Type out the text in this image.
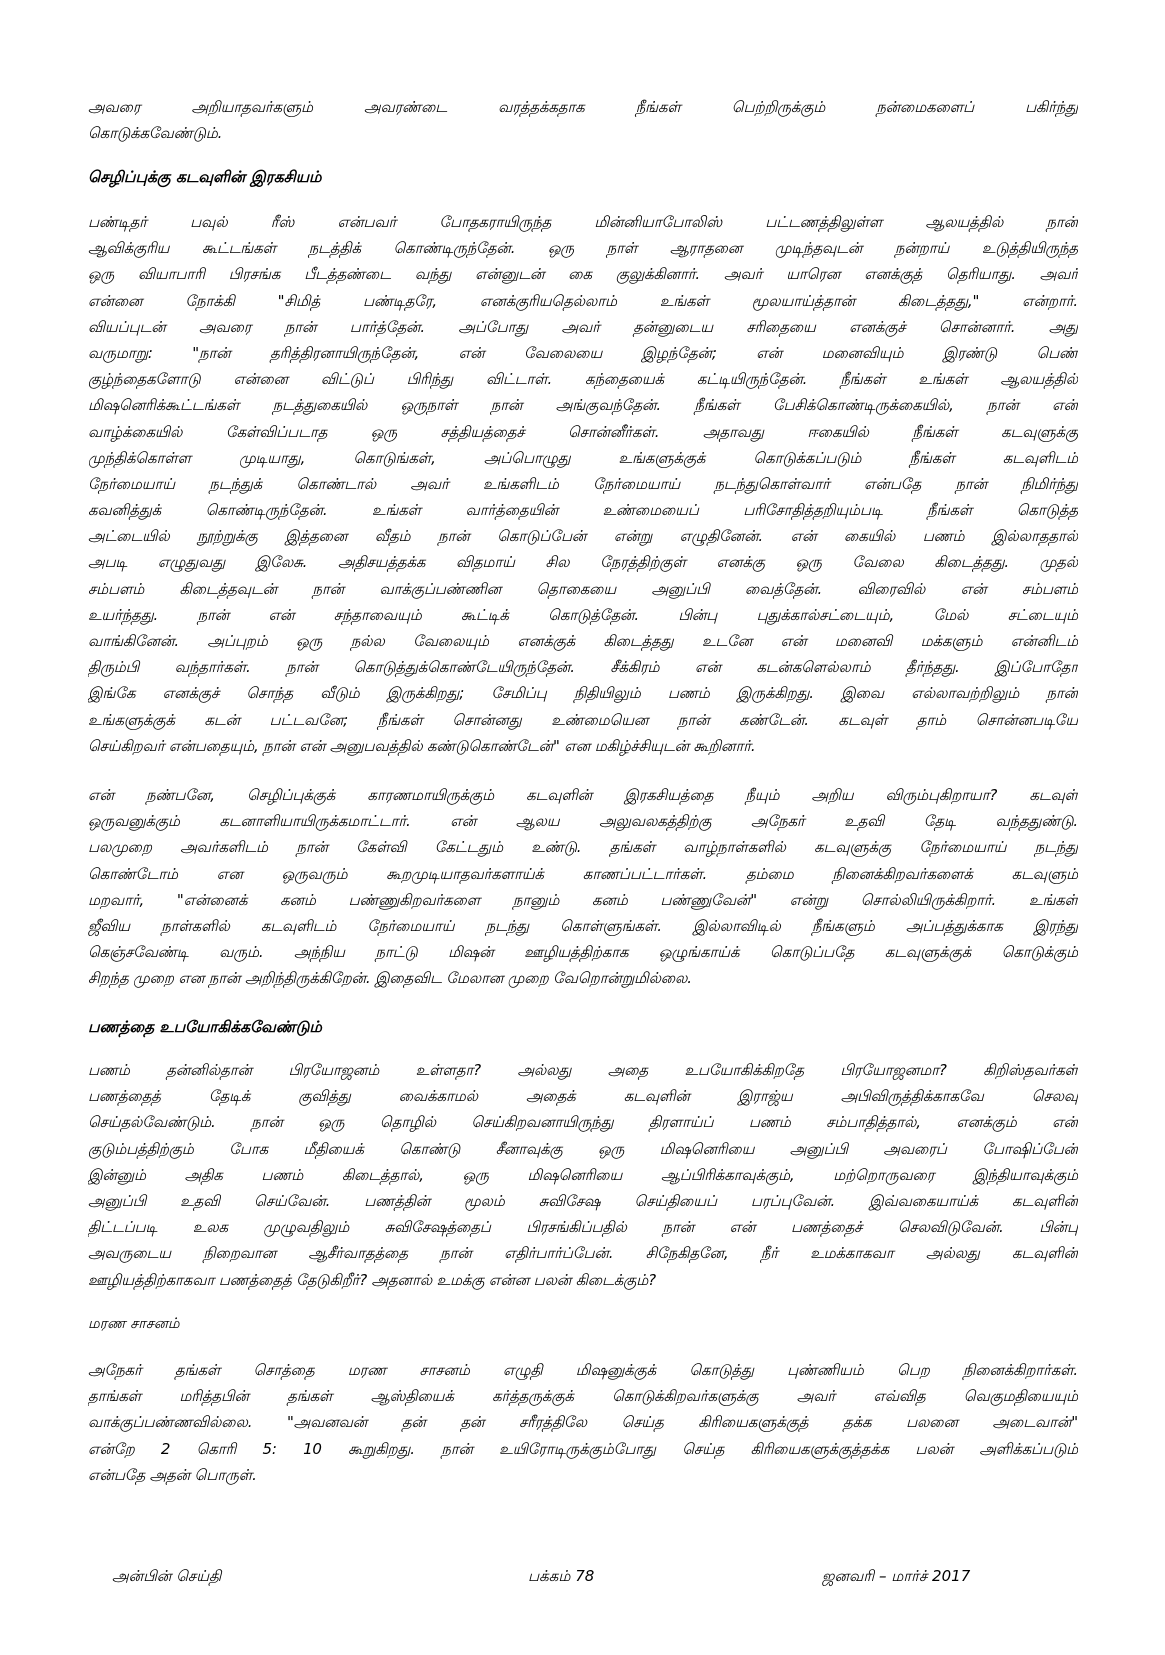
அவரை அறியாதவர்களும் அவரண்டை வரத்தக்கதாக நீங்கள் பெற்றிருக்கும் நன்மைகளைப் பகிர்ந்து
கொடுக்கவேண்டும்.
செழிப்புக்கு கடவுளின் இரகசியம்
பண்டிதர் பவுல் ரீஸ் என்பவர் போதகராயிருந்த மின்னியாபோலிஸ் பட்டணத்திலுள்ள ஆலயத்தில் நான்
ஆவிக்குரிய கூட்டங்கள் நடத்திக் கொண்டிருந்தேன். ஒரு நாள் ஆராதனை முடிந்தவுடன் நன்றாய் உடுத்தியிருந்த
ஒரு வியாபாரி பிரசங்க பீடத்தண்டை வந்து என்னுடன் கை குலுக்கினார். அவர் யாரென எனக்குத் தெரியாது. அவர்
என்னை நோக்கி "சிமித் பண்டிதரே, எனக்குரியதெல்லாம் உங்கள் மூலயாய்த்தான் கிடைத்தது," என்றார்.
வியப்புடன் அவரை நான் பார்த்தேன். அப்போது அவர் தன்னுடைய சரிதையை எனக்குச் சொன்னார். அது
வருமாறு: "நான் தரித்திரனாயிருந்தேன், என் வேலையை இழந்தேன்; என் மனைவியும் இரண்டு பெண்
குழ்ந்தைகளோடு என்னை விட்டுப் பிரிந்து விட்டாள். கந்தையைக் கட்டியிருந்தேன். நீங்கள் உங்கள் ஆலயத்தில்
மிஷனெரிக்கூட்டங்கள் நடத்துகையில் ஒருநாள் நான் அங்குவந்தேன். நீங்கள் பேசிக்கொண்டிருக்கையில், நான் என்
வாழ்க்கையில் கேள்விப்படாத ஒரு சத்தியத்தைச் சொன்னீர்கள். அதாவது ஈகையில் நீங்கள் கடவுளுக்கு
முந்திக்கொள்ள முடியாது, கொடுங்கள், அப்பொழுது உங்களுக்குக் கொடுக்கப்படும் நீங்கள் கடவுளிடம்
நேர்மையாய் நடந்துக் கொண்டால் அவர் உங்களிடம் நேர்மையாய் நடந்துகொள்வார் என்பதே நான் நிமிர்ந்து
கவனித்துக் கொண்டிருந்தேன். உங்கள் வார்த்தையின் உண்மையைப் பரிசோதித்தறியும்படி நீங்கள் கொடுத்த
அட்டையில் நூற்றுக்கு இத்தனை வீதம் நான் கொடுப்பேன் என்று எழுதினேன். என் கையில் பணம் இல்லாததால்
அபடி எழுதுவது இலேசு. அதிசயத்தக்க விதமாய் சில நேரத்திற்குள் எனக்கு ஒரு வேலை கிடைத்தது. முதல்
சம்பளம் கிடைத்தவுடன் நான் வாக்குப்பண்ணின தொகையை அனுப்பி வைத்தேன். விரைவில் என் சம்பளம்
உயர்ந்தது. நான் என் சந்தாவையும் கூட்டிக் கொடுத்தேன். பின்பு புதுக்கால்சட்டையும், மேல் சட்டையும்
வாங்கினேன். அப்புறம் ஒரு நல்ல வேலையும் எனக்குக் கிடைத்தது உடனே என் மனைவி மக்களும் என்னிடம்
திரும்பி வந்தார்கள். நான் கொடுத்துக்கொண்டேயிருந்தேன். சீக்கிரம் என் கடன்களெல்லாம் தீர்ந்தது. இப்போதோ
இங்கே எனக்குச் சொந்த வீடும் இருக்கிறது; சேமிப்பு நிதியிலும் பணம் இருக்கிறது. இவை எல்லாவற்றிலும் நான்
உங்களுக்குக் கடன் பட்டவனே; நீங்கள் சொன்னது உண்மையென நான் கண்டேன். கடவுள் தாம் சொன்னபடியே
செய்கிறவர் என்பதையும், நான் என் அனுபவத்தில் கண்டுகொண்டேன்" என மகிழ்ச்சியுடன் கூறினார்.
என் நண்பனே, செழிப்புக்குக் காரணமாயிருக்கும் கடவுளின் இரகசியத்தை நீயும் அறிய விரும்புகிறாயா? கடவுள்
ஒருவனுக்கும் கடனாளியாயிருக்கமாட்டார். என் ஆலய அலுவலகத்திற்கு அநேகர் உதவி தேடி வந்ததுண்டு.
பலமுறை அவர்களிடம் நான் கேள்வி கேட்டதும் உண்டு. தங்கள் வாழ்நாள்களில் கடவுளுக்கு நேர்மையாய் நடந்து
கொண்டோம் என ஒருவரும் கூறமுடியாதவர்களாய்க் காணப்பட்டார்கள். தம்மை நினைக்கிறவர்களைக் கடவுளும்
மறவார், "என்னைக் கனம் பண்ணுகிறவர்களை நானும் கனம் பண்ணுவேன்" என்று சொல்லியிருக்கிறார். உங்கள்
ஜீவிய நாள்களில் கடவுளிடம் நேர்மையாய் நடந்து கொள்ளுங்கள். இல்லாவிடில் நீங்களும் அப்பத்துக்காக இரந்து
கெஞ்சவேண்டி வரும். அந்நிய நாட்டு மிஷன் ஊழியத்திற்காக ஒழுங்காய்க் கொடுப்பதே கடவுளுக்குக் கொடுக்கும்
சிறந்த முறை என நான் அறிந்திருக்கிறேன். இதைவிட மேலான முறை வேறொன்றுமில்லை.
பணத்தை உபயோகிக்கவேண்டும்
பணம் தன்னில்தான் பிரயோஜனம் உள்ளதா? அல்லது அதை உபயோகிக்கிறதே பிரயோஜனமா? கிறிஸ்தவர்கள்
பணத்தைத் தேடிக் குவித்து வைக்காமல் அதைக் கடவுளின் இராஜ்ய அபிவிருத்திக்காகவே செலவு
செய்தல்வேண்டும். நான் ஒரு தொழில் செய்கிறவனாயிருந்து திரளாய்ப் பணம் சம்பாதித்தால், எனக்கும் என்
குடும்பத்திற்கும் போக மீதியைக் கொண்டு சீனாவுக்கு ஒரு மிஷனெரியை அனுப்பி அவரைப் போஷிப்பேன்
இன்னும் அதிக பணம் கிடைத்தால், ஒரு மிஷனெரியை ஆப்பிரிக்காவுக்கும், மற்றொருவரை இந்தியாவுக்கும்
அனுப்பி உதவி செய்வேன். பணத்தின் மூலம் சுவிசேஷ செய்தியைப் பரப்புவேன். இவ்வகையாய்க் கடவுளின்
திட்டப்படி உலக முழுவதிலும் சுவிசேஷத்தைப் பிரசங்கிப்பதில் நான் என் பணத்தைச் செலவிடுவேன். பின்பு
அவருடைய நிறைவான ஆசீர்வாதத்தை நான் எதிர்பார்ப்பேன். சிநேகிதனே, நீர் உமக்காகவா அல்லது கடவுளின்
ஊழியத்திற்காகவா பணத்தைத் தேடுகிறீர்? அதனால் உமக்கு என்ன பலன் கிடைக்கும்?
மரண சாசனம்
அநேகர் தங்கள் சொத்தை மரண சாசனம் எழுதி மிஷனுக்குக் கொடுத்து புண்ணியம் பெற நினைக்கிறார்கள்.
தாங்கள் மரித்தபின் தங்கள் ஆஸ்தியைக் கர்த்தருக்குக் கொடுக்கிறவர்களுக்கு அவர் எவ்வித வெகுமதியையும்
வாக்குப்பண்ணவில்லை. "அவனவன் தன் தன் சரீரத்திலே செய்த கிரியைகளுக்குத் தக்க பலனை அடைவான்"
என்றே 2 கொரி 5: 10 கூறுகிறது. நான் உயிரோடிருக்கும்போது செய்த கிரியைகளுக்குத்தக்க பலன் அளிக்கப்படும்
என்பதே அதன் பொருள்.
அன்பின் செய்தி	பக்கம் 78	ஜனவரி – மார்ச் 2017
